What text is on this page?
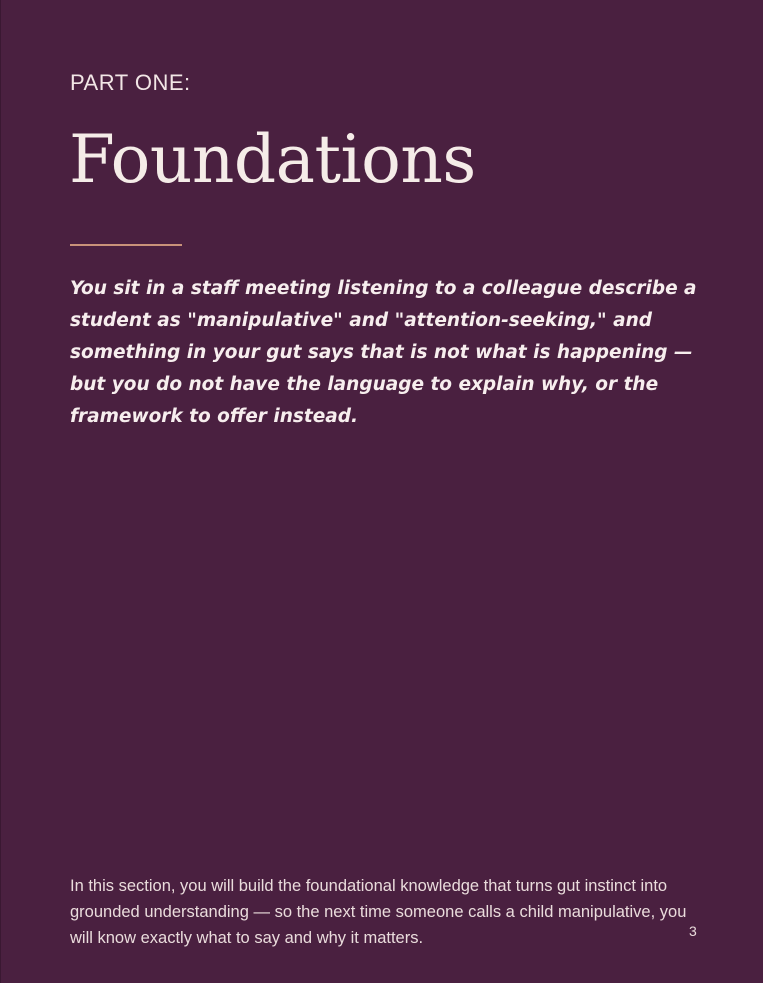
PART ONE:
Foundations
You sit in a staff meeting listening to a colleague describe a student as "manipulative" and "attention-seeking," and something in your gut says that is not what is happening — but you do not have the language to explain why, or the framework to offer instead.
In this section, you will build the foundational knowledge that turns gut instinct into grounded understanding — so the next time someone calls a child manipulative, you will know exactly what to say and why it matters.	3
